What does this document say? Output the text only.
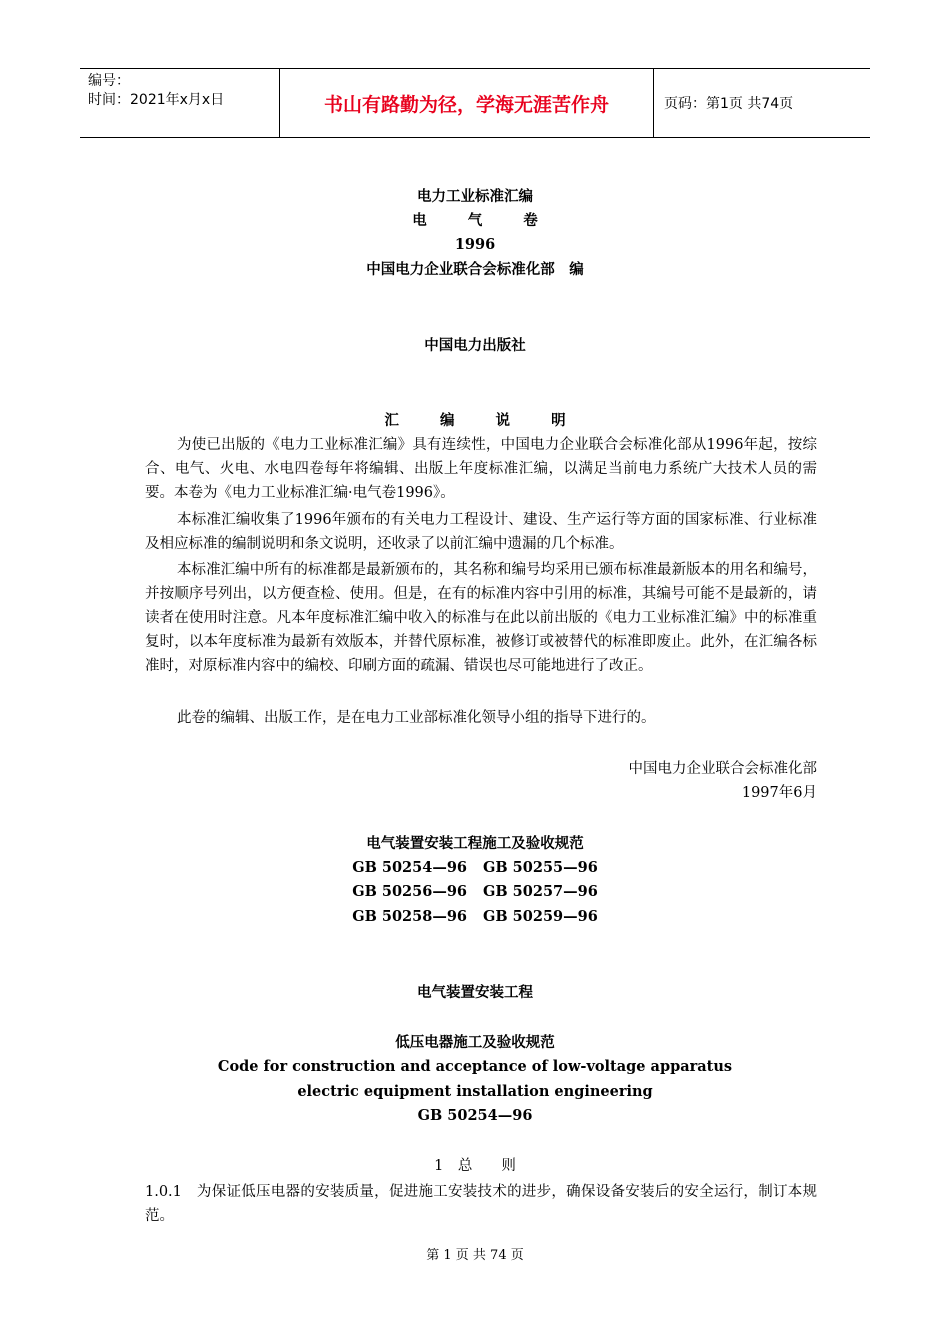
编号：
时间：2021年x月x日	书山有路勤为径，学海无涯苦作舟	页码：第1页 共74页
电力工业标准汇编
电 气 卷
1996
中国电力企业联合会标准化部　编
中国电力出版社
汇 编 说 明
为使已出版的《电力工业标准汇编》具有连续性，中国电力企业联合会标准化部从1996年起，按综合、电气、火电、水电四卷每年将编辑、出版上年度标准汇编，以满足当前电力系统广大技术人员的需要。本卷为《电力工业标准汇编·电气卷1996》。
本标准汇编收集了1996年颁布的有关电力工程设计、建设、生产运行等方面的国家标准、行业标准及相应标准的编制说明和条文说明，还收录了以前汇编中遗漏的几个标准。
本标准汇编中所有的标准都是最新颁布的，其名称和编号均采用已颁布标准最新版本的用名和编号，并按顺序号列出，以方便查检、使用。但是，在有的标准内容中引用的标准，其编号可能不是最新的，请读者在使用时注意。凡本年度标准汇编中收入的标准与在此以前出版的《电力工业标准汇编》中的标准重复时，以本年度标准为最新有效版本，并替代原标准，被修订或被替代的标准即废止。此外，在汇编各标准时，对原标准内容中的编校、印刷方面的疏漏、错误也尽可能地进行了改正。
此卷的编辑、出版工作，是在电力工业部标准化领导小组的指导下进行的。
中国电力企业联合会标准化部
1997年6月
电气装置安装工程施工及验收规范
GB 50254—96 GB 50255—96
GB 50256—96 GB 50257—96
GB 50258—96 GB 50259—96
电气装置安装工程
低压电器施工及验收规范
Code for construction and acceptance of low-voltage apparatus
electric equipment installation engineering
GB 50254—96
1　总　　则
1.0.1　为保证低压电器的安装质量，促进施工安装技术的进步，确保设备安装后的安全运行，制订本规范。
第 1 页 共 74 页
